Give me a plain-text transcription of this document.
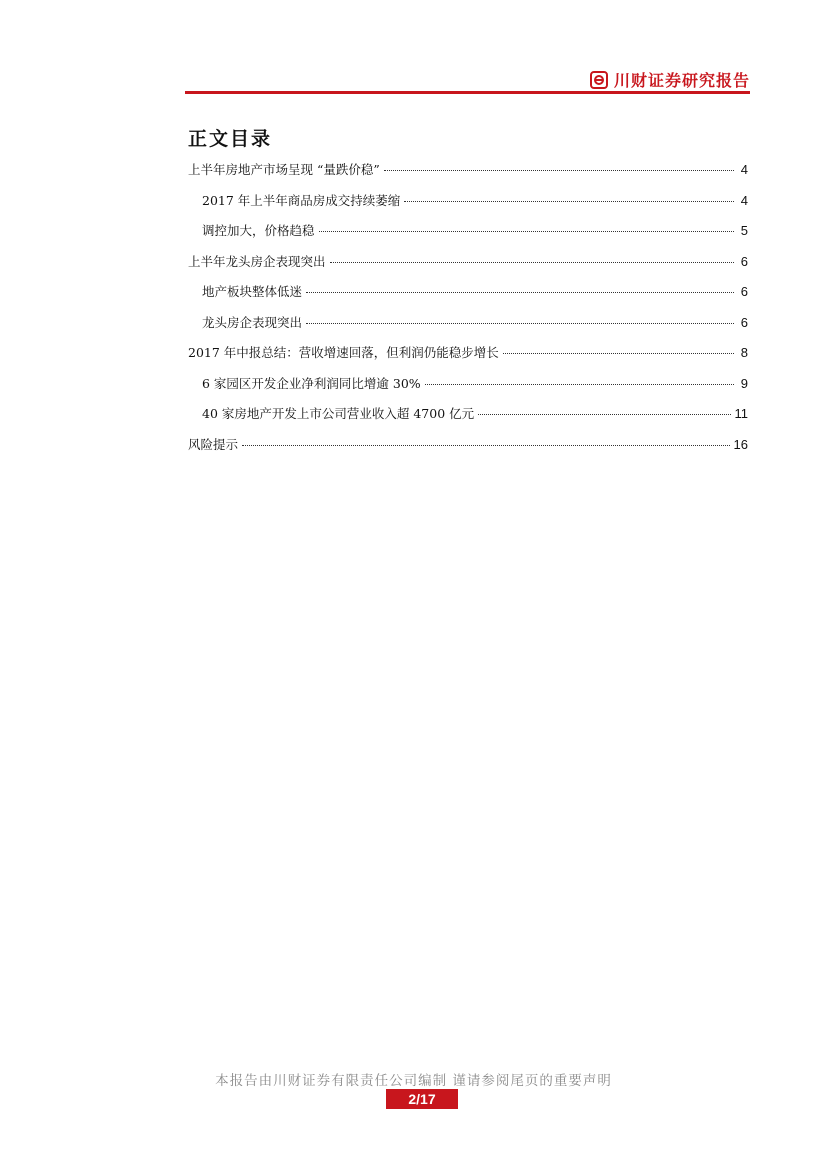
川财证券研究报告
正文目录
上半年房地产市场呈现 “量跌价稳”	4
2017 年上半年商品房成交持续萎缩	4
调控加大，价格趋稳	5
上半年龙头房企表现突出	6
地产板块整体低迷	6
龙头房企表现突出	6
2017 年中报总结：营收增速回落，但利润仍能稳步增长	8
6 家园区开发企业净利润同比增逾 30%	9
40 家房地产开发上市公司营业收入超 4700 亿元	11
风险提示	16
本报告由川财证券有限责任公司编制 谨请参阅尾页的重要声明
2/17
